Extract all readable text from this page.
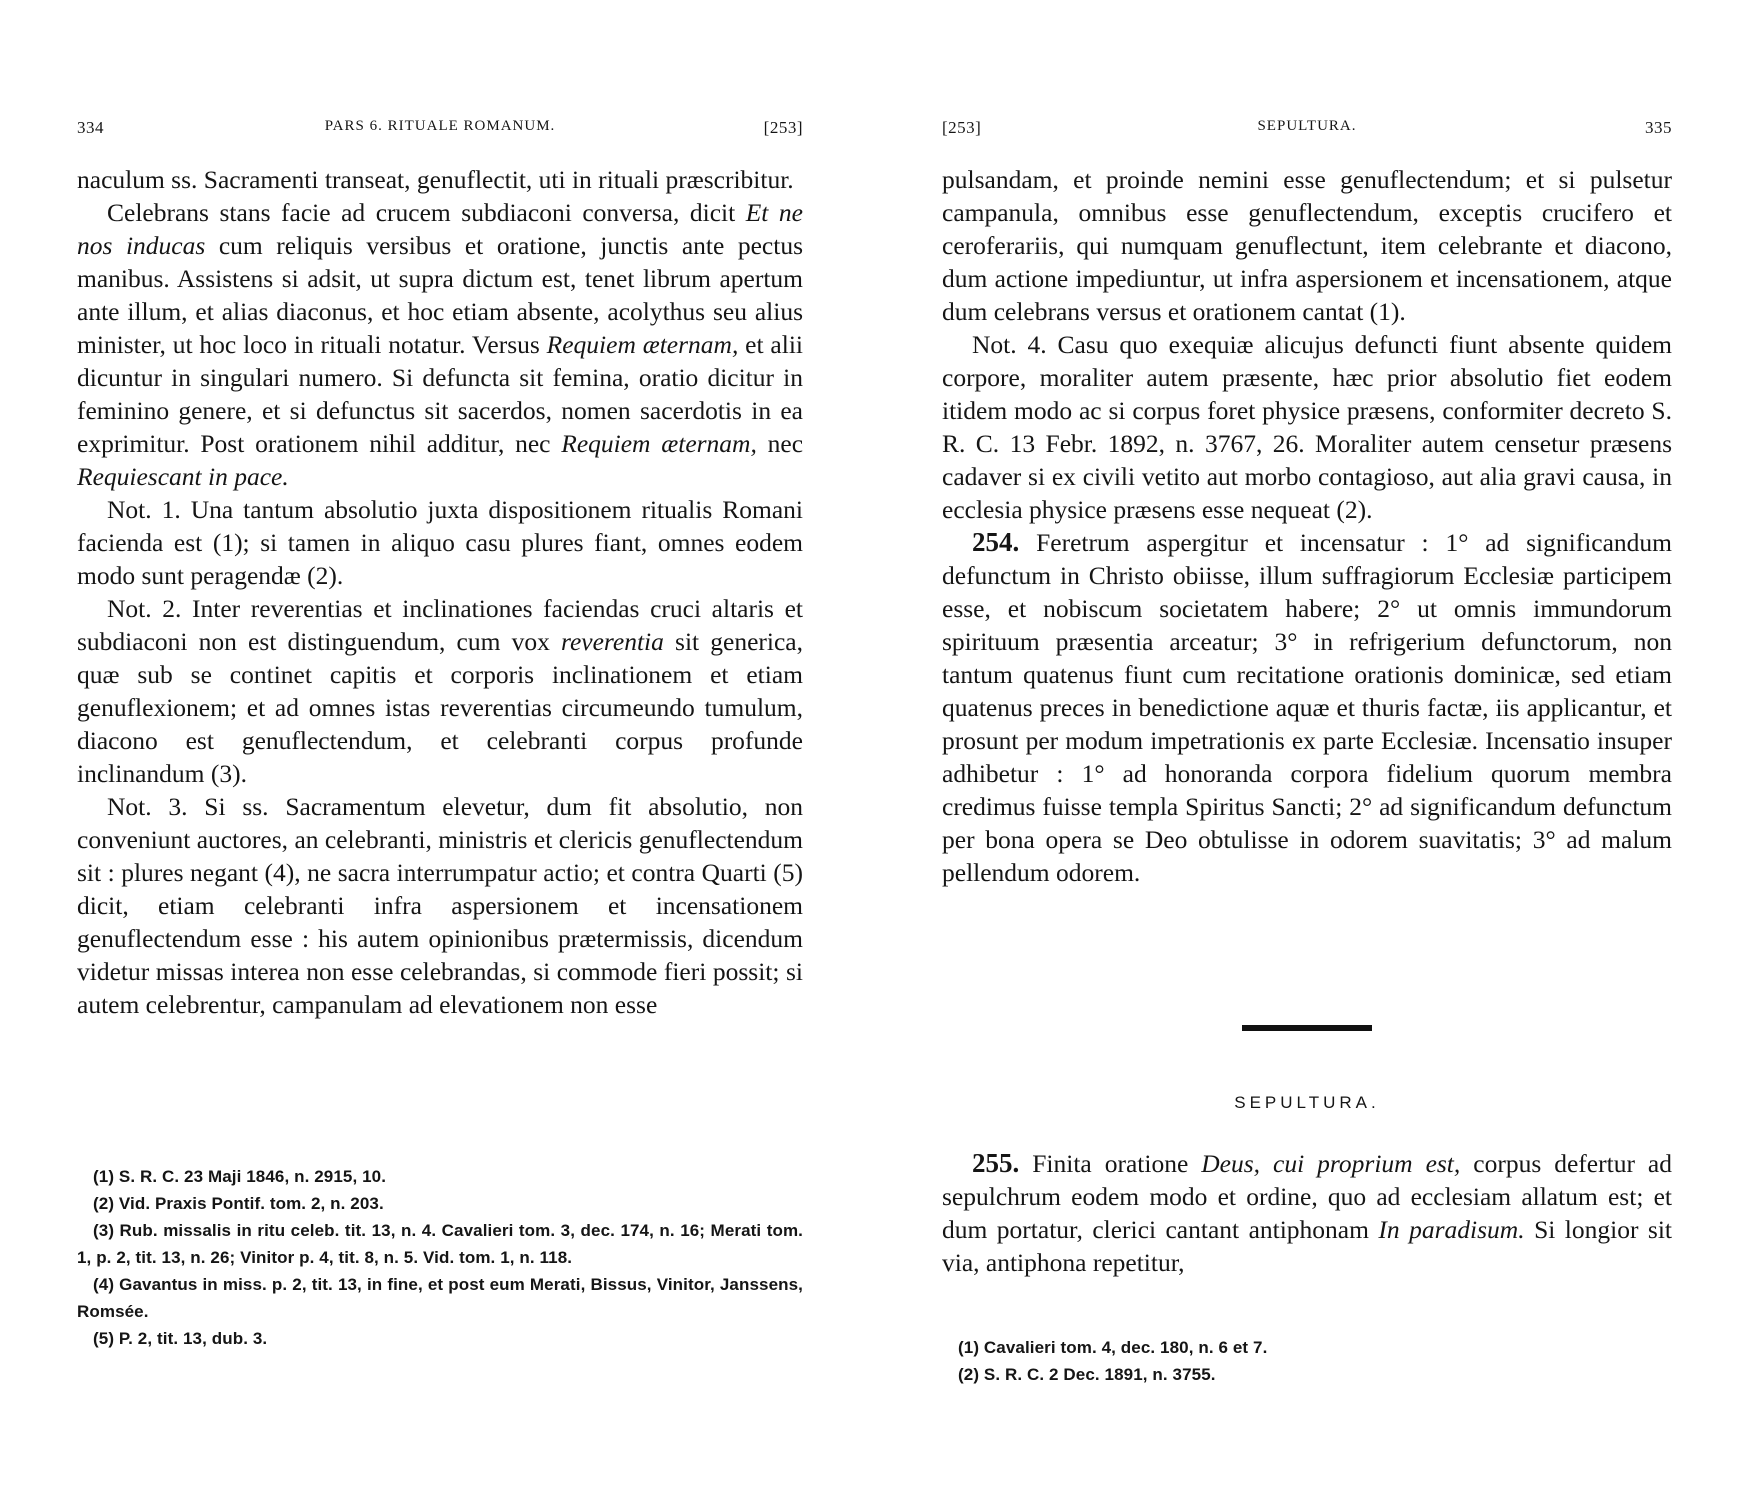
334	PARS 6. RITUALE ROMANUM.	[253]

naculum ss. Sacramenti transeat, genuflectit, uti in rituali præscribitur.

Celebrans stans facie ad crucem subdiaconi conversa, dicit Et ne nos inducas cum reliquis versibus et oratione, junctis ante pectus manibus. Assistens si adsit, ut supra dictum est, tenet librum apertum ante illum, et alias diaconus, et hoc etiam absente, acolythus seu alius minister, ut hoc loco in rituali notatur. Versus Requiem æternam, et alii dicuntur in singulari numero. Si defuncta sit femina, oratio dicitur in feminino genere, et si defunctus sit sacerdos, nomen sacerdotis in ea exprimitur. Post orationem nihil additur, nec Requiem æternam, nec Requiescant in pace.

Not. 1. Una tantum absolutio juxta dispositionem ritualis Romani facienda est (1); si tamen in aliquo casu plures fiant, omnes eodem modo sunt peragendæ (2).

Not. 2. Inter reverentias et inclinationes faciendas cruci altaris et subdiaconi non est distinguendum, cum vox reverentia sit generica, quæ sub se continet capitis et corporis inclinationem et etiam genuflexionem; et ad omnes istas reverentias circumeundo tumulum, diacono est genuflectendum, et celebranti corpus profunde inclinandum (3).

Not. 3. Si ss. Sacramentum elevetur, dum fit absolutio, non conveniunt auctores, an celebranti, ministris et clericis genuflectendum sit : plures negant (4), ne sacra interrumpatur actio; et contra Quarti (5) dicit, etiam celebranti infra aspersionem et incensationem genuflectendum esse : his autem opinionibus prætermissis, dicendum videtur missas interea non esse celebrandas, si commode fieri possit; si autem celebrentur, campanulam ad elevationem non esse

(1) S. R. C. 23 Maji 1846, n. 2915, 10.

(2) Vid. Praxis Pontif. tom. 2, n. 203.

(3) Rub. missalis in ritu celeb. tit. 13, n. 4. Cavalieri tom. 3, dec. 174, n. 16; Merati tom. 1, p. 2, tit. 13, n. 26; Vinitor p. 4, tit. 8, n. 5. Vid. tom. 1, n. 118.

(4) Gavantus in miss. p. 2, tit. 13, in fine, et post eum Merati, Bissus, Vinitor, Janssens, Romsée.

(5) P. 2, tit. 13, dub. 3.

[253]	SEPULTURA.	335

pulsandam, et proinde nemini esse genuflectendum; et si pulsetur campanula, omnibus esse genuflectendum, exceptis crucifero et ceroferariis, qui numquam genuflectunt, item celebrante et diacono, dum actione impediuntur, ut infra aspersionem et incensationem, atque dum celebrans versus et orationem cantat (1).

Not. 4. Casu quo exequiæ alicujus defuncti fiunt absente quidem corpore, moraliter autem præsente, hæc prior absolutio fiet eodem itidem modo ac si corpus foret physice præsens, conformiter decreto S. R. C. 13 Febr. 1892, n. 3767, 26. Moraliter autem censetur præsens cadaver si ex civili vetito aut morbo contagioso, aut alia gravi causa, in ecclesia physice præsens esse nequeat (2).

254. Feretrum aspergitur et incensatur : 1° ad significandum defunctum in Christo obiisse, illum suffragiorum Ecclesiæ participem esse, et nobiscum societatem habere; 2° ut omnis immundorum spirituum præsentia arceatur; 3° in refrigerium defunctorum, non tantum quatenus fiunt cum recitatione orationis dominicæ, sed etiam quatenus preces in benedictione aquæ et thuris factæ, iis applicantur, et prosunt per modum impetrationis ex parte Ecclesiæ. Incensatio insuper adhibetur : 1° ad honoranda corpora fidelium quorum membra credimus fuisse templa Spiritus Sancti; 2° ad significandum defunctum per bona opera se Deo obtulisse in odorem suavitatis; 3° ad malum pellendum odorem.

SEPULTURA.

255. Finita oratione Deus, cui proprium est, corpus defertur ad sepulchrum eodem modo et ordine, quo ad ecclesiam allatum est; et dum portatur, clerici cantant antiphonam In paradisum. Si longior sit via, antiphona repetitur,

(1) Cavalieri tom. 4, dec. 180, n. 6 et 7.

(2) S. R. C. 2 Dec. 1891, n. 3755.
